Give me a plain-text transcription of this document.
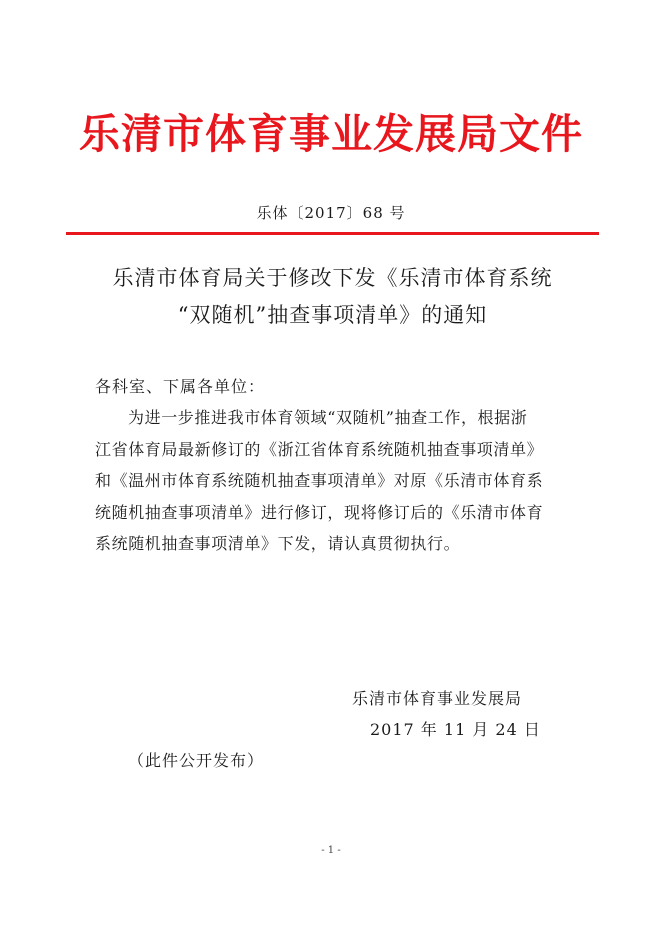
乐清市体育事业发展局文件
乐体〔2017〕68 号
乐清市体育局关于修改下发《乐清市体育系统
“双随机”抽查事项清单》的通知
各科室、下属各单位：
为进一步推进我市体育领域“双随机”抽查工作，根据浙
江省体育局最新修订的《浙江省体育系统随机抽查事项清单》
和《温州市体育系统随机抽查事项清单》对原《乐清市体育系
统随机抽查事项清单》进行修订，现将修订后的《乐清市体育
系统随机抽查事项清单》下发，请认真贯彻执行。
乐清市体育事业发展局
2017 年 11 月 24 日
（此件公开发布）
- 1 -
